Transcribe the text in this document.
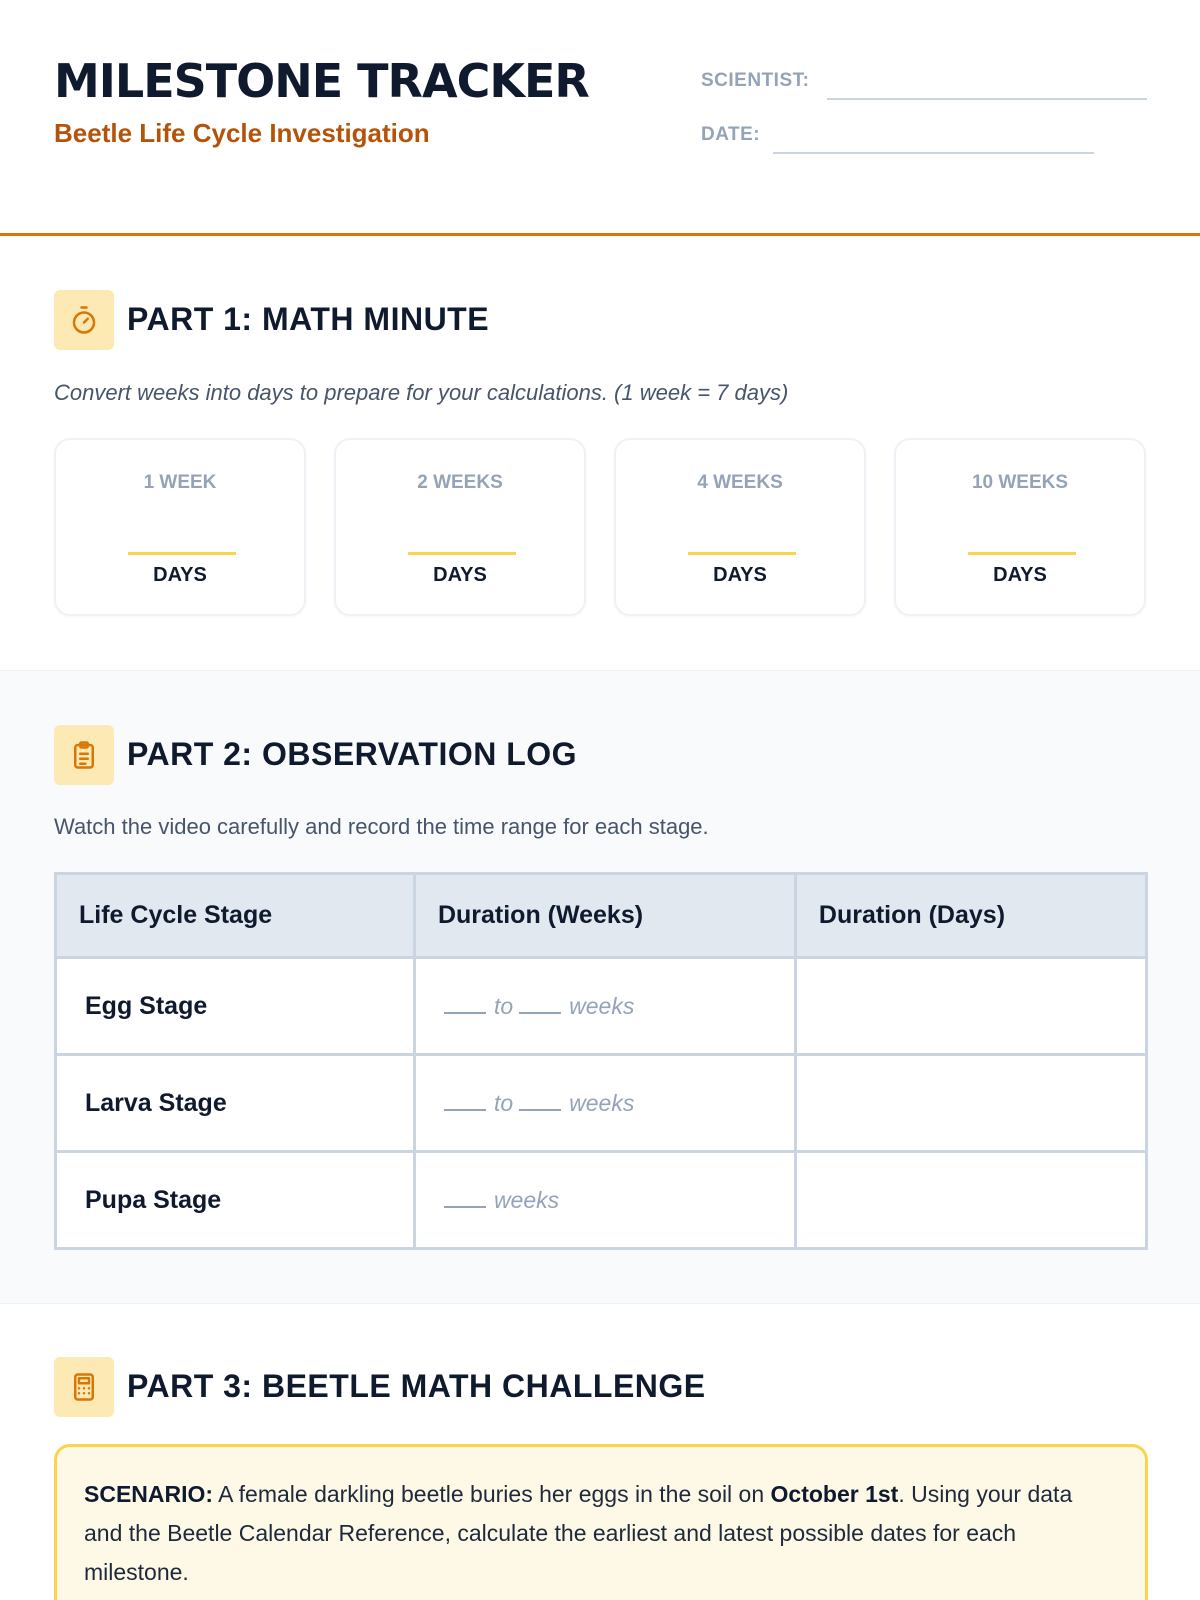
MILESTONE TRACKER
Beetle Life Cycle Investigation
SCIENTIST:
DATE:
PART 1: MATH MINUTE
Convert weeks into days to prepare for your calculations. (1 week = 7 days)
1 WEEK
DAYS
2 WEEKS
DAYS
4 WEEKS
DAYS
10 WEEKS
DAYS
PART 2: OBSERVATION LOG
Watch the video carefully and record the time range for each stage.
Life Cycle Stage	Duration (Weeks)	Duration (Days)
Egg Stage	to weeks	
Larva Stage	to weeks	
Pupa Stage	weeks	
PART 3: BEETLE MATH CHALLENGE
SCENARIO: A female darkling beetle buries her eggs in the soil on October 1st. Using your data and the Beetle Calendar Reference, calculate the earliest and latest possible dates for each milestone.
